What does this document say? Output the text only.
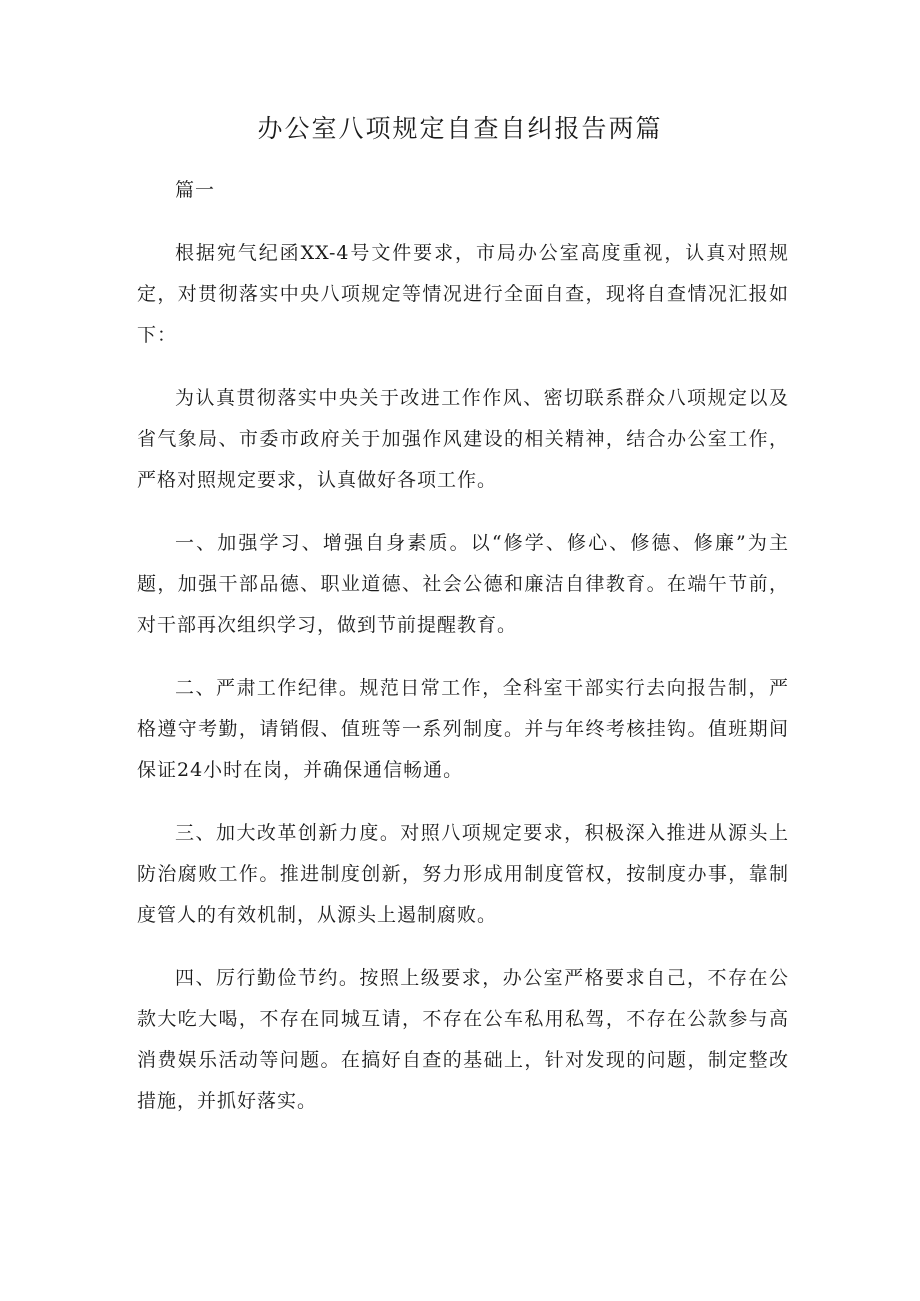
办公室八项规定自查自纠报告两篇

篇一

根据宛气纪函XX-4号文件要求，市局办公室高度重视，认真对照规定，对贯彻落实中央八项规定等情况进行全面自查，现将自查情况汇报如下：

为认真贯彻落实中央关于改进工作作风、密切联系群众八项规定以及省气象局、市委市政府关于加强作风建设的相关精神，结合办公室工作，严格对照规定要求，认真做好各项工作。

一、加强学习、增强自身素质。以“修学、修心、修德、修廉”为主题，加强干部品德、职业道德、社会公德和廉洁自律教育。在端午节前，对干部再次组织学习，做到节前提醒教育。

二、严肃工作纪律。规范日常工作，全科室干部实行去向报告制，严格遵守考勤，请销假、值班等一系列制度。并与年终考核挂钩。值班期间保证24小时在岗，并确保通信畅通。

三、加大改革创新力度。对照八项规定要求，积极深入推进从源头上防治腐败工作。推进制度创新，努力形成用制度管权，按制度办事，靠制度管人的有效机制，从源头上遏制腐败。

四、厉行勤俭节约。按照上级要求，办公室严格要求自己，不存在公款大吃大喝，不存在同城互请，不存在公车私用私驾，不存在公款参与高消费娱乐活动等问题。在搞好自查的基础上，针对发现的问题，制定整改措施，并抓好落实。
